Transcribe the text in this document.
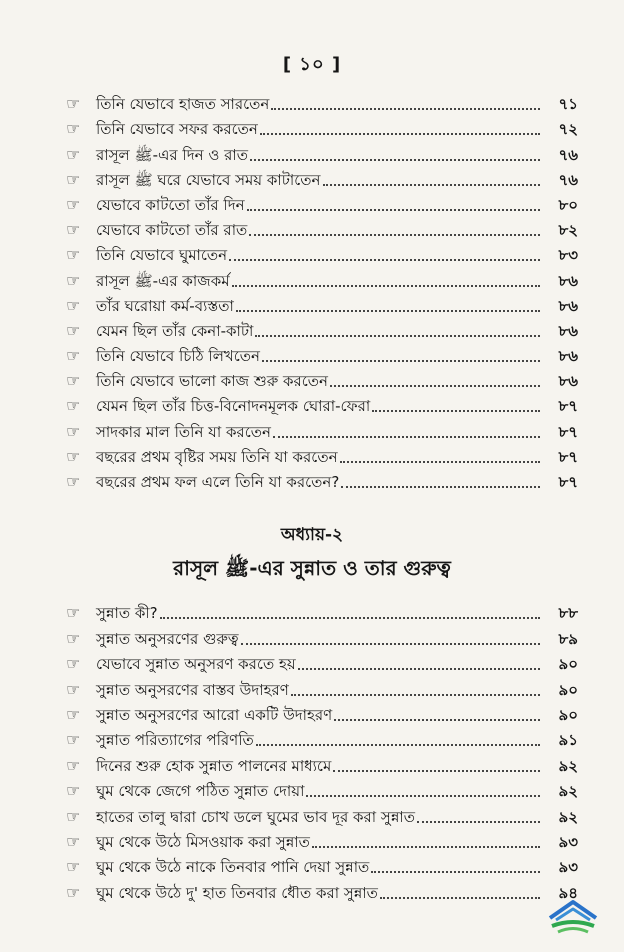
[ ১০ ]
☞	তিনি যেভাবে হাজত সারতেন	৭১
☞	তিনি যেভাবে সফর করতেন	৭২
☞	রাসূল ﷺ-এর দিন ও রাত	৭৬
☞	রাসূল ﷺ ঘরে যেভাবে সময় কাটাতেন	৭৬
☞	যেভাবে কাটতো তাঁর দিন	৮০
☞	যেভাবে কাটতো তাঁর রাত	৮২
☞	তিনি যেভাবে ঘুমাতেন	৮৩
☞	রাসূল ﷺ-এর কাজকর্ম	৮৬
☞	তাঁর ঘরোয়া কর্ম-ব্যস্ততা	৮৬
☞	যেমন ছিল তাঁর কেনা-কাটা	৮৬
☞	তিনি যেভাবে চিঠি লিখতেন	৮৬
☞	তিনি যেভাবে ভালো কাজ শুরু করতেন	৮৬
☞	যেমন ছিল তাঁর চিত্ত-বিনোদনমূলক ঘোরা-ফেরা	৮৭
☞	সাদকার মাল তিনি যা করতেন	৮৭
☞	বছরের প্রথম বৃষ্টির সময় তিনি যা করতেন	৮৭
☞	বছরের প্রথম ফল এলে তিনি যা করতেন?	৮৭
অধ্যায়-২
রাসূল ﷺ-এর সুন্নাত ও তার গুরুত্ব
☞	সুন্নাত কী?	৮৮
☞	সুন্নাত অনুসরণের গুরুত্ব	৮৯
☞	যেভাবে সুন্নাত অনুসরণ করতে হয়	৯০
☞	সুন্নাত অনুসরণের বাস্তব উদাহরণ	৯০
☞	সুন্নাত অনুসরণের আরো একটি উদাহরণ	৯০
☞	সুন্নাত পরিত্যাগের পরিণতি	৯১
☞	দিনের শুরু হোক সুন্নাত পালনের মাধ্যমে	৯২
☞	ঘুম থেকে জেগে পঠিত সুন্নাত দোয়া	৯২
☞	হাতের তালু দ্বারা চোখ ডলে ঘুমের ভাব দূর করা সুন্নাত	৯২
☞	ঘুম থেকে উঠে মিসওয়াক করা সুন্নাত	৯৩
☞	ঘুম থেকে উঠে নাকে তিনবার পানি দেয়া সুন্নাত	৯৩
☞	ঘুম থেকে উঠে দু' হাত তিনবার ধৌত করা সুন্নাত	৯৪
